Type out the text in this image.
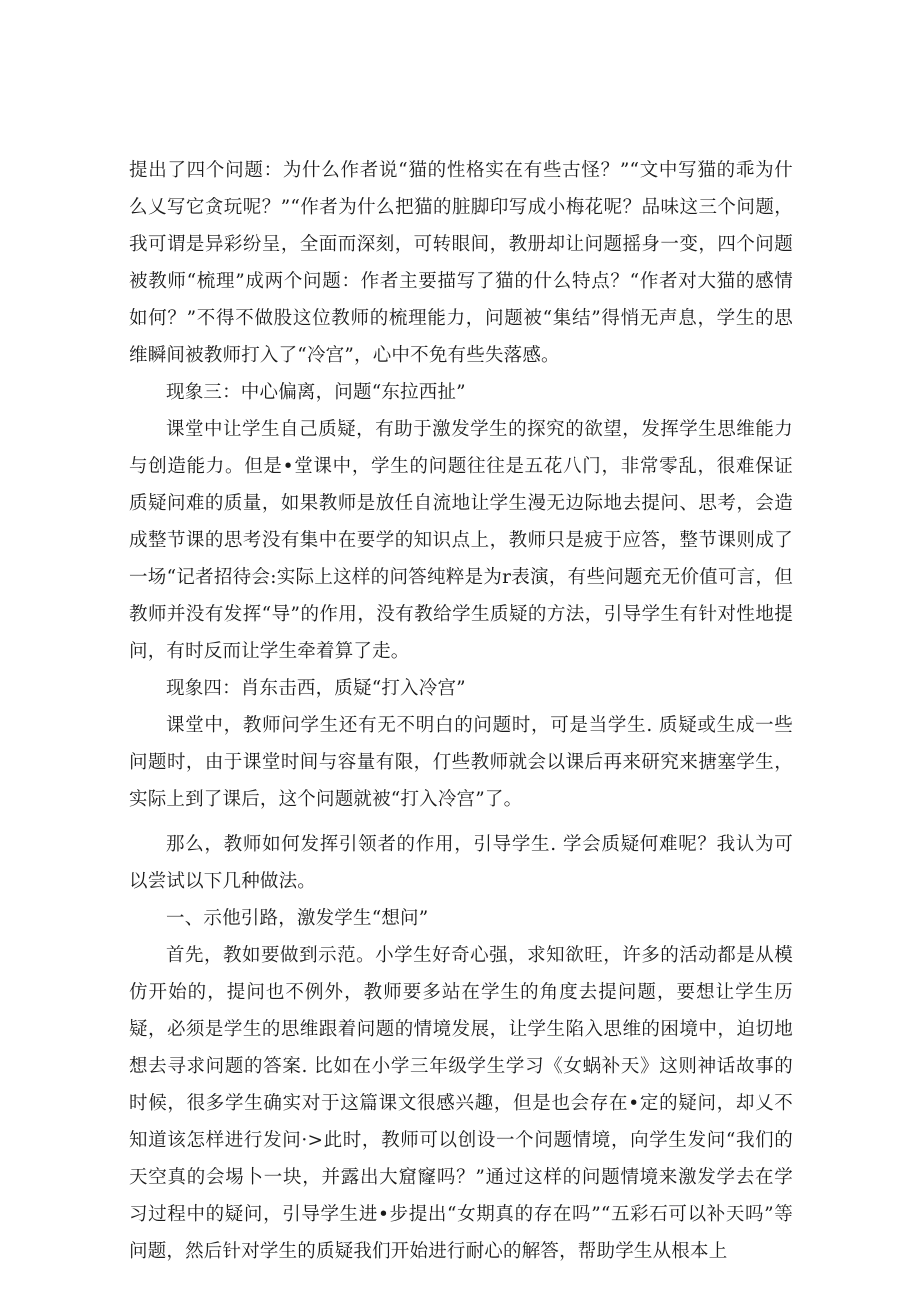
提出了四个问题：为什么作者说“猫的性格实在有些古怪？”“文中写猫的乖为什么乂写它贪玩呢？”“作者为什么把猫的脏脚印写成小梅花呢？品味这三个问题，我可谓是异彩纷呈，全面而深刻，可转眼间，教册却让问题摇身一变，四个问题被教师“梳理”成两个问题：作者主要描写了猫的什么特点？“作者对大猫的感情如何？”不得不做股这位教师的梳理能力，问题被“集结”得悄无声息，学生的思维瞬间被教师打入了“冷宫”，心中不免有些失落感。

现象三：中心偏离，问题“东拉西扯”

课堂中让学生自己质疑，有助于激发学生的探究的欲望，发挥学生思维能力与创造能力。但是•堂课中，学生的问题往往是五花八门，非常零乱，很难保证质疑问难的质量，如果教师是放任自流地让学生漫无边际地去提问、思考，会造成整节课的思考没有集中在要学的知识点上，教师只是疲于应答，整节课则成了一场“记者招待会:实际上这样的问答纯粹是为r表演，有些问题充无价值可言，但教师并没有发挥“导”的作用，没有教给学生质疑的方法，引导学生有针对性地提问，有时反而让学生牵着算了走。

现象四：肖东击西，质疑“打入冷宫”

课堂中，教师问学生还有无不明白的问题时，可是当学生. 质疑或生成一些问题时，由于课堂时间与容量有限，仃些教师就会以课后再来研究来搪塞学生，实际上到了课后，这个问题就被“打入冷宫”了。

那么，教师如何发挥引领者的作用，引导学生. 学会质疑何难呢？我认为可以尝试以下几种做法。

一、示他引路，激发学生“想问”

首先，教如要做到示范。小学生好奇心强，求知欲旺，许多的活动都是从模仿开始的，提问也不例外，教师要多站在学生的角度去提问题，要想让学生历疑，必须是学生的思维跟着问题的情境发展，让学生陷入思维的困境中，迫切地想去寻求问题的答案. 比如在小学三年级学生学习《女蜗补天》这则神话故事的时候，很多学生确实对于这篇课文很感兴趣，但是也会存在•定的疑问，却乂不知道该怎样进行发问·>此时，教师可以创设一个问题情境，向学生发问“我们的天空真的会埸卜一块，并露出大窟窿吗？”通过这样的问题情境来激发学去在学习过程中的疑问，引导学生进•步提出“女期真的存在吗”“五彩石可以补天吗”等问题，然后针对学生的质疑我们开始进行耐心的解答，帮助学生从根本上
